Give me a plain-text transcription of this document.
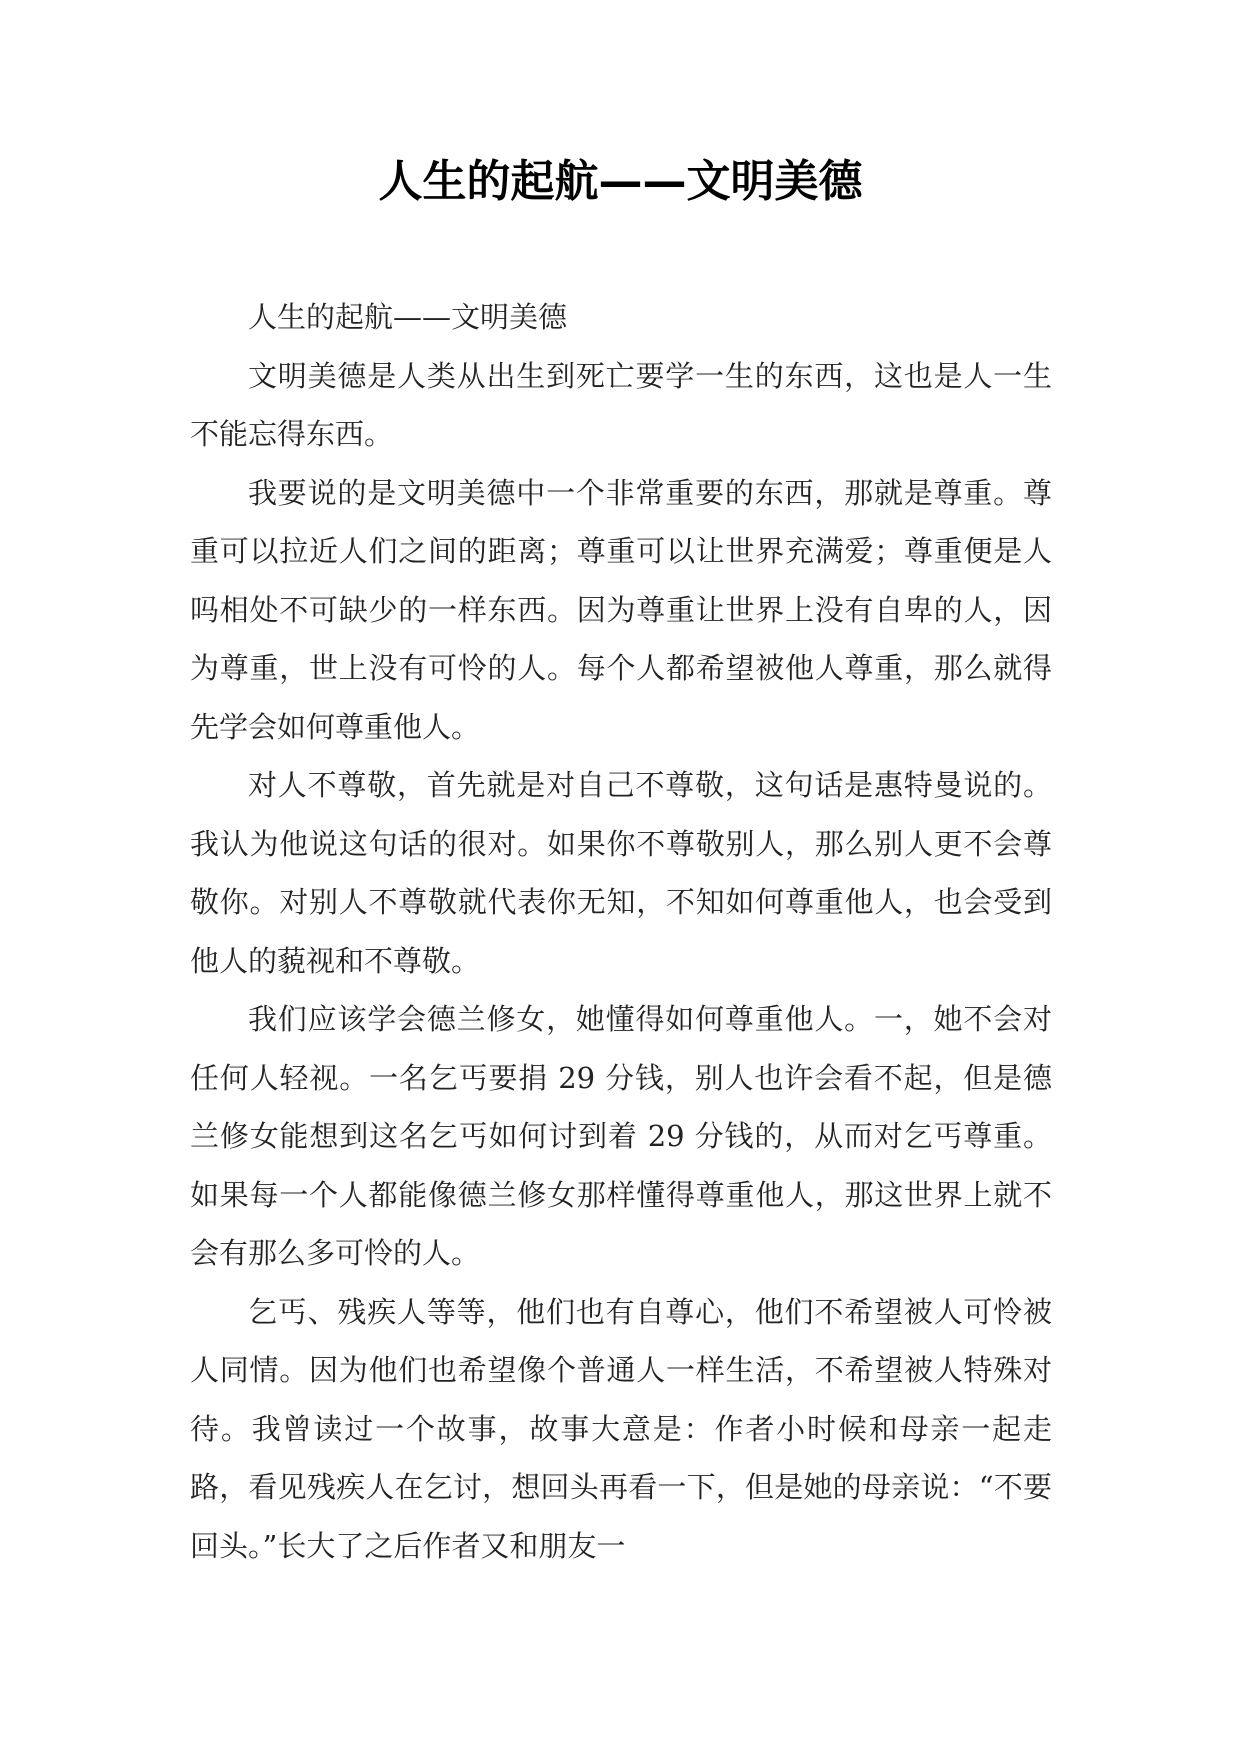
人生的起航——文明美德

人生的起航——文明美德

文明美德是人类从出生到死亡要学一生的东西，这也是人一生不能忘得东西。

我要说的是文明美德中一个非常重要的东西，那就是尊重。尊重可以拉近人们之间的距离；尊重可以让世界充满爱；尊重便是人吗相处不可缺少的一样东西。因为尊重让世界上没有自卑的人，因为尊重，世上没有可怜的人。每个人都希望被他人尊重，那么就得先学会如何尊重他人。

对人不尊敬，首先就是对自己不尊敬，这句话是惠特曼说的。我认为他说这句话的很对。如果你不尊敬别人，那么别人更不会尊敬你。对别人不尊敬就代表你无知，不知如何尊重他人，也会受到他人的藐视和不尊敬。

我们应该学会德兰修女，她懂得如何尊重他人。一，她不会对任何人轻视。一名乞丐要捐 29 分钱，别人也许会看不起，但是德兰修女能想到这名乞丐如何讨到着 29 分钱的，从而对乞丐尊重。如果每一个人都能像德兰修女那样懂得尊重他人，那这世界上就不会有那么多可怜的人。

乞丐、残疾人等等，他们也有自尊心，他们不希望被人可怜被人同情。因为他们也希望像个普通人一样生活，不希望被人特殊对待。我曾读过一个故事，故事大意是：作者小时候和母亲一起走路，看见残疾人在乞讨，想回头再看一下，但是她的母亲说：“不要回头。”长大了之后作者又和朋友一
